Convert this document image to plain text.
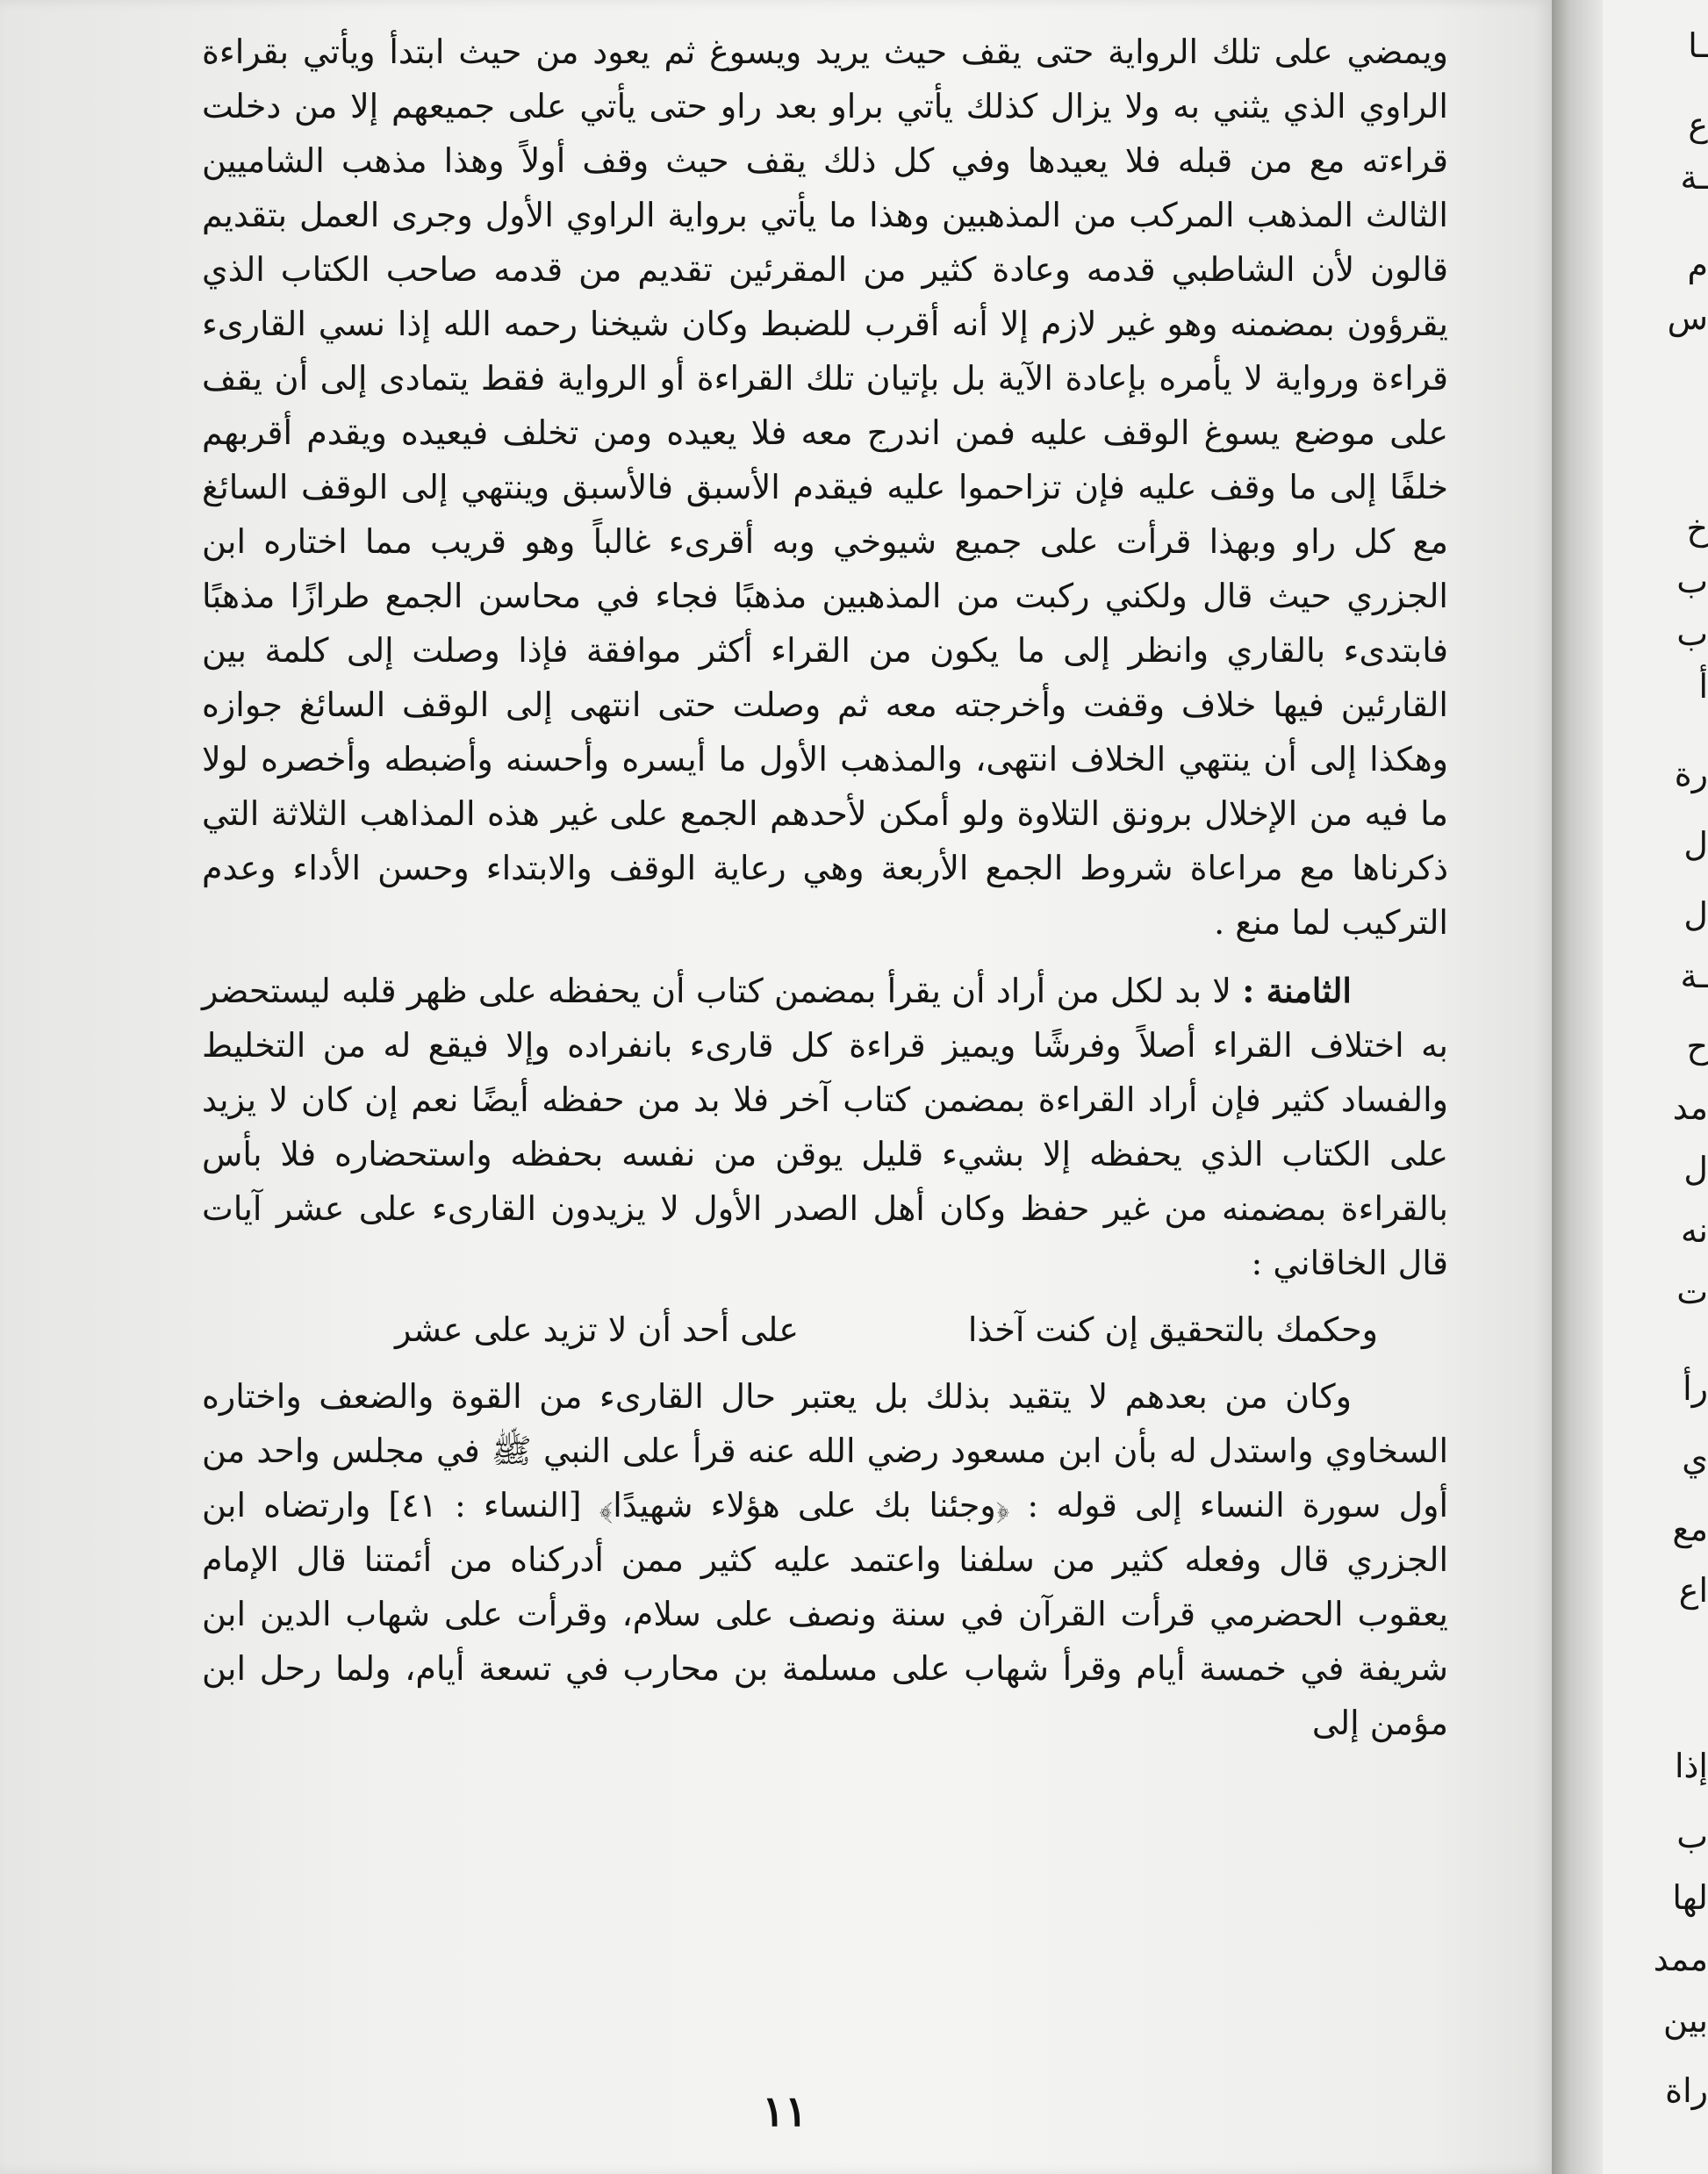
ويمضي على تلك الرواية حتى يقف حيث يريد ويسوغ ثم يعود من حيث ابتدأ ويأتي بقراءة الراوي الذي يثني به ولا يزال كذلك يأتي براو بعد راو حتى يأتي على جميعهم إلا من دخلت قراءته مع من قبله فلا يعيدها وفي كل ذلك يقف حيث وقف أولاً وهذا مذهب الشاميين الثالث المذهب المركب من المذهبين وهذا ما يأتي برواية الراوي الأول وجرى العمل بتقديم قالون لأن الشاطبي قدمه وعادة كثير من المقرئين تقديم من قدمه صاحب الكتاب الذي يقرؤون بمضمنه وهو غير لازم إلا أنه أقرب للضبط وكان شيخنا رحمه الله إذا نسي القارىء قراءة ورواية لا يأمره بإعادة الآية بل بإتيان تلك القراءة أو الرواية فقط يتمادى إلى أن يقف على موضع يسوغ الوقف عليه فمن اندرج معه فلا يعيده ومن تخلف فيعيده ويقدم أقربهم خلفًا إلى ما وقف عليه فإن تزاحموا عليه فيقدم الأسبق فالأسبق وينتهي إلى الوقف السائغ مع كل راو وبهذا قرأت على جميع شيوخي وبه أقرىء غالباً وهو قريب مما اختاره ابن الجزري حيث قال ولكني ركبت من المذهبين مذهبًا فجاء في محاسن الجمع طرازًا مذهبًا فابتدىء بالقاري وانظر إلى ما يكون من القراء أكثر موافقة فإذا وصلت إلى كلمة بين القارئين فيها خلاف وقفت وأخرجته معه ثم وصلت حتى انتهى إلى الوقف السائغ جوازه وهكذا إلى أن ينتهي الخلاف انتهى، والمذهب الأول ما أيسره وأحسنه وأضبطه وأخصره لولا ما فيه من الإخلال برونق التلاوة ولو أمكن لأحدهم الجمع على غير هذه المذاهب الثلاثة التي ذكرناها مع مراعاة شروط الجمع الأربعة وهي رعاية الوقف والابتداء وحسن الأداء وعدم التركيب لما منع .

الثامنة : لا بد لكل من أراد أن يقرأ بمضمن كتاب أن يحفظه على ظهر قلبه ليستحضر به اختلاف القراء أصلاً وفرشًا ويميز قراءة كل قارىء بانفراده وإلا فيقع له من التخليط والفساد كثير فإن أراد القراءة بمضمن كتاب آخر فلا بد من حفظه أيضًا نعم إن كان لا يزيد على الكتاب الذي يحفظه إلا بشيء قليل يوقن من نفسه بحفظه واستحضاره فلا بأس بالقراءة بمضمنه من غير حفظ وكان أهل الصدر الأول لا يزيدون القارىء على عشر آيات قال الخاقاني :

وحكمك بالتحقيق إن كنت آخذا
على أحد أن لا تزيد على عشر

وكان من بعدهم لا يتقيد بذلك بل يعتبر حال القارىء من القوة والضعف واختاره السخاوي واستدل له بأن ابن مسعود رضي الله عنه قرأ على النبي ﷺ في مجلس واحد من أول سورة النساء إلى قوله : ﴿وجئنا بك على هؤلاء شهيدًا﴾ [النساء : ٤١] وارتضاه ابن الجزري قال وفعله كثير من سلفنا واعتمد عليه كثير ممن أدركناه من أئمتنا قال الإمام يعقوب الحضرمي قرأت القرآن في سنة ونصف على سلام، وقرأت على شهاب الدين ابن شريفة في خمسة أيام وقرأ شهاب على مسلمة بن محارب في تسعة أيام، ولما رحل ابن مؤمن إلى

١١
ـا
ع
ـة
م
س
خ
ب
ب
أ
رة
ل
ل
ـة
ح
مد
ل
نه
ت
رأ
ي
مع
اع
إذا
ب
لها
ممد
بين
راة
